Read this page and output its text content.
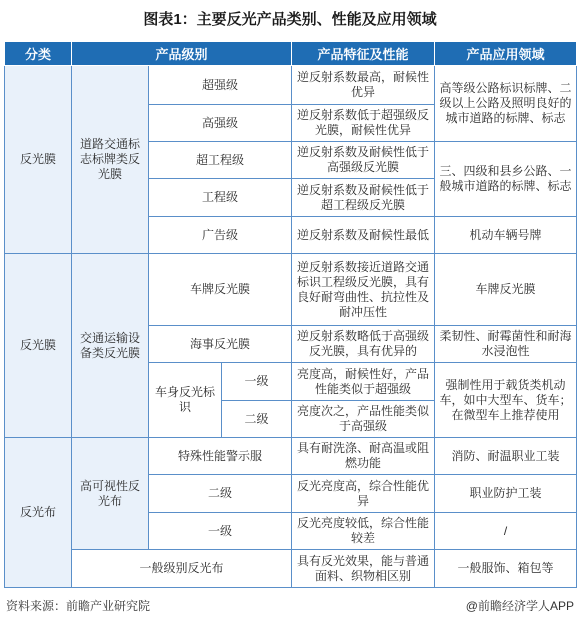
图表1：主要反光产品类别、性能及应用领域
分类	产品级别			产品特征及性能	产品应用领域
反光膜	道路交通标志标牌类反光膜	超强级		逆反射系数最高，耐候性优异	高等级公路标识标牌、二级以上公路及照明良好的城市道路的标牌、标志
		高强级		逆反射系数低于超强级反光膜，耐候性优异	
		超工程级		逆反射系数及耐候性低于高强级反光膜	三、四级和县乡公路、一般城市道路的标牌、标志
		工程级		逆反射系数及耐候性低于超工程级反光膜	
		广告级		逆反射系数及耐候性最低	机动车辆号牌
反光膜	交通运输设备类反光膜	车牌反光膜		逆反射系数接近道路交通标识工程级反光膜，具有良好耐弯曲性、抗拉性及耐冲压性	车牌反光膜
		海事反光膜		逆反射系数略低于高强级反光膜，具有优异的	柔韧性、耐霉菌性和耐海水浸泡性
		车身反光标识	一级	亮度高，耐候性好，产品性能类似于超强级	强制性用于载货类机动车，如中大型车、货车；在微型车上推荐使用
			二级	亮度次之，产品性能类似于高强级	
反光布	高可视性反光布	特殊性能警示服		具有耐洗涤、耐高温或阻燃功能	消防、耐温职业工装
		二级		反光亮度高，综合性能优异	职业防护工装
		一级		反光亮度较低，综合性能较差	/
	一般级别反光布			具有反光效果，能与普通面料、织物相区别	一般服饰、箱包等
资料来源：前瞻产业研究院	@前瞻经济学人APP
